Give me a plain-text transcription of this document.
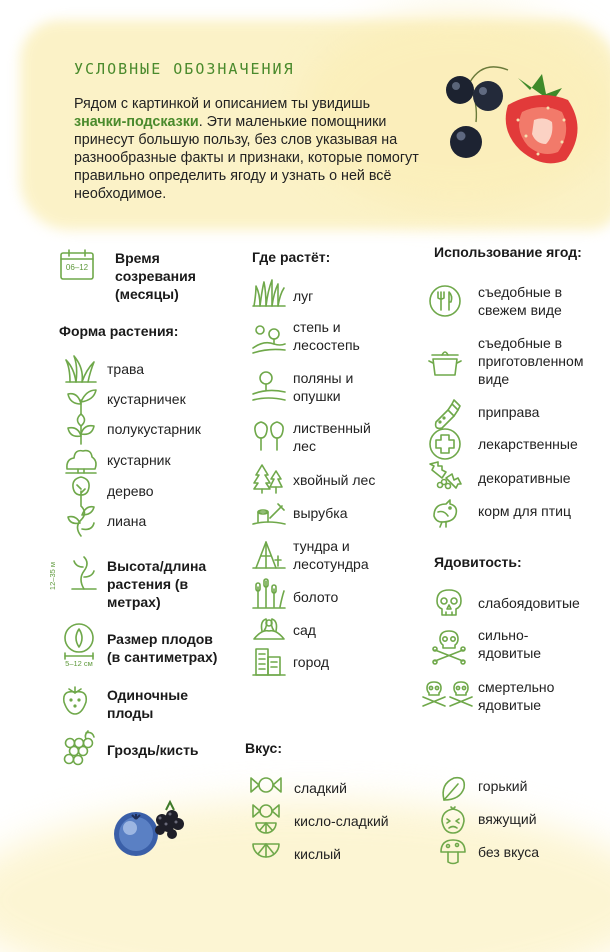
УСЛОВНЫЕ ОБОЗНАЧЕНИЯ
Рядом с картинкой и описанием ты увидишь значки-подсказки. Эти маленькие помощники принесут большую пользу, без слов указывая на разнообразные факты и признаки, которые помогут правильно определить ягоду и узнать о ней всё необходимое.
06–12
Время созревания (месяцы)
Форма растения:
трава
кустарничек
полукустарник
кустарник
дерево
лиана
12–35 м	Высота/длина растения (в метрах)
5–12 см
Размер плодов (в сантиметрах)
Одиночные плоды
Гроздь/кисть
Где растёт:
луг
степь и лесостепь
поляны и опушки
лиственный лес
хвойный лес
вырубка
тундра и лесотундра
болото
сад
город
Вкус:
сладкий
кисло-сладкий
кислый
горький
вяжущий
без вкуса
Использование ягод:
съедобные в свежем виде
съедобные в приготовленном виде
приправа
лекарственные
декоративные
корм для птиц
Ядовитость:
слабоядовитые
сильно-ядовитые
смертельно ядовитые
